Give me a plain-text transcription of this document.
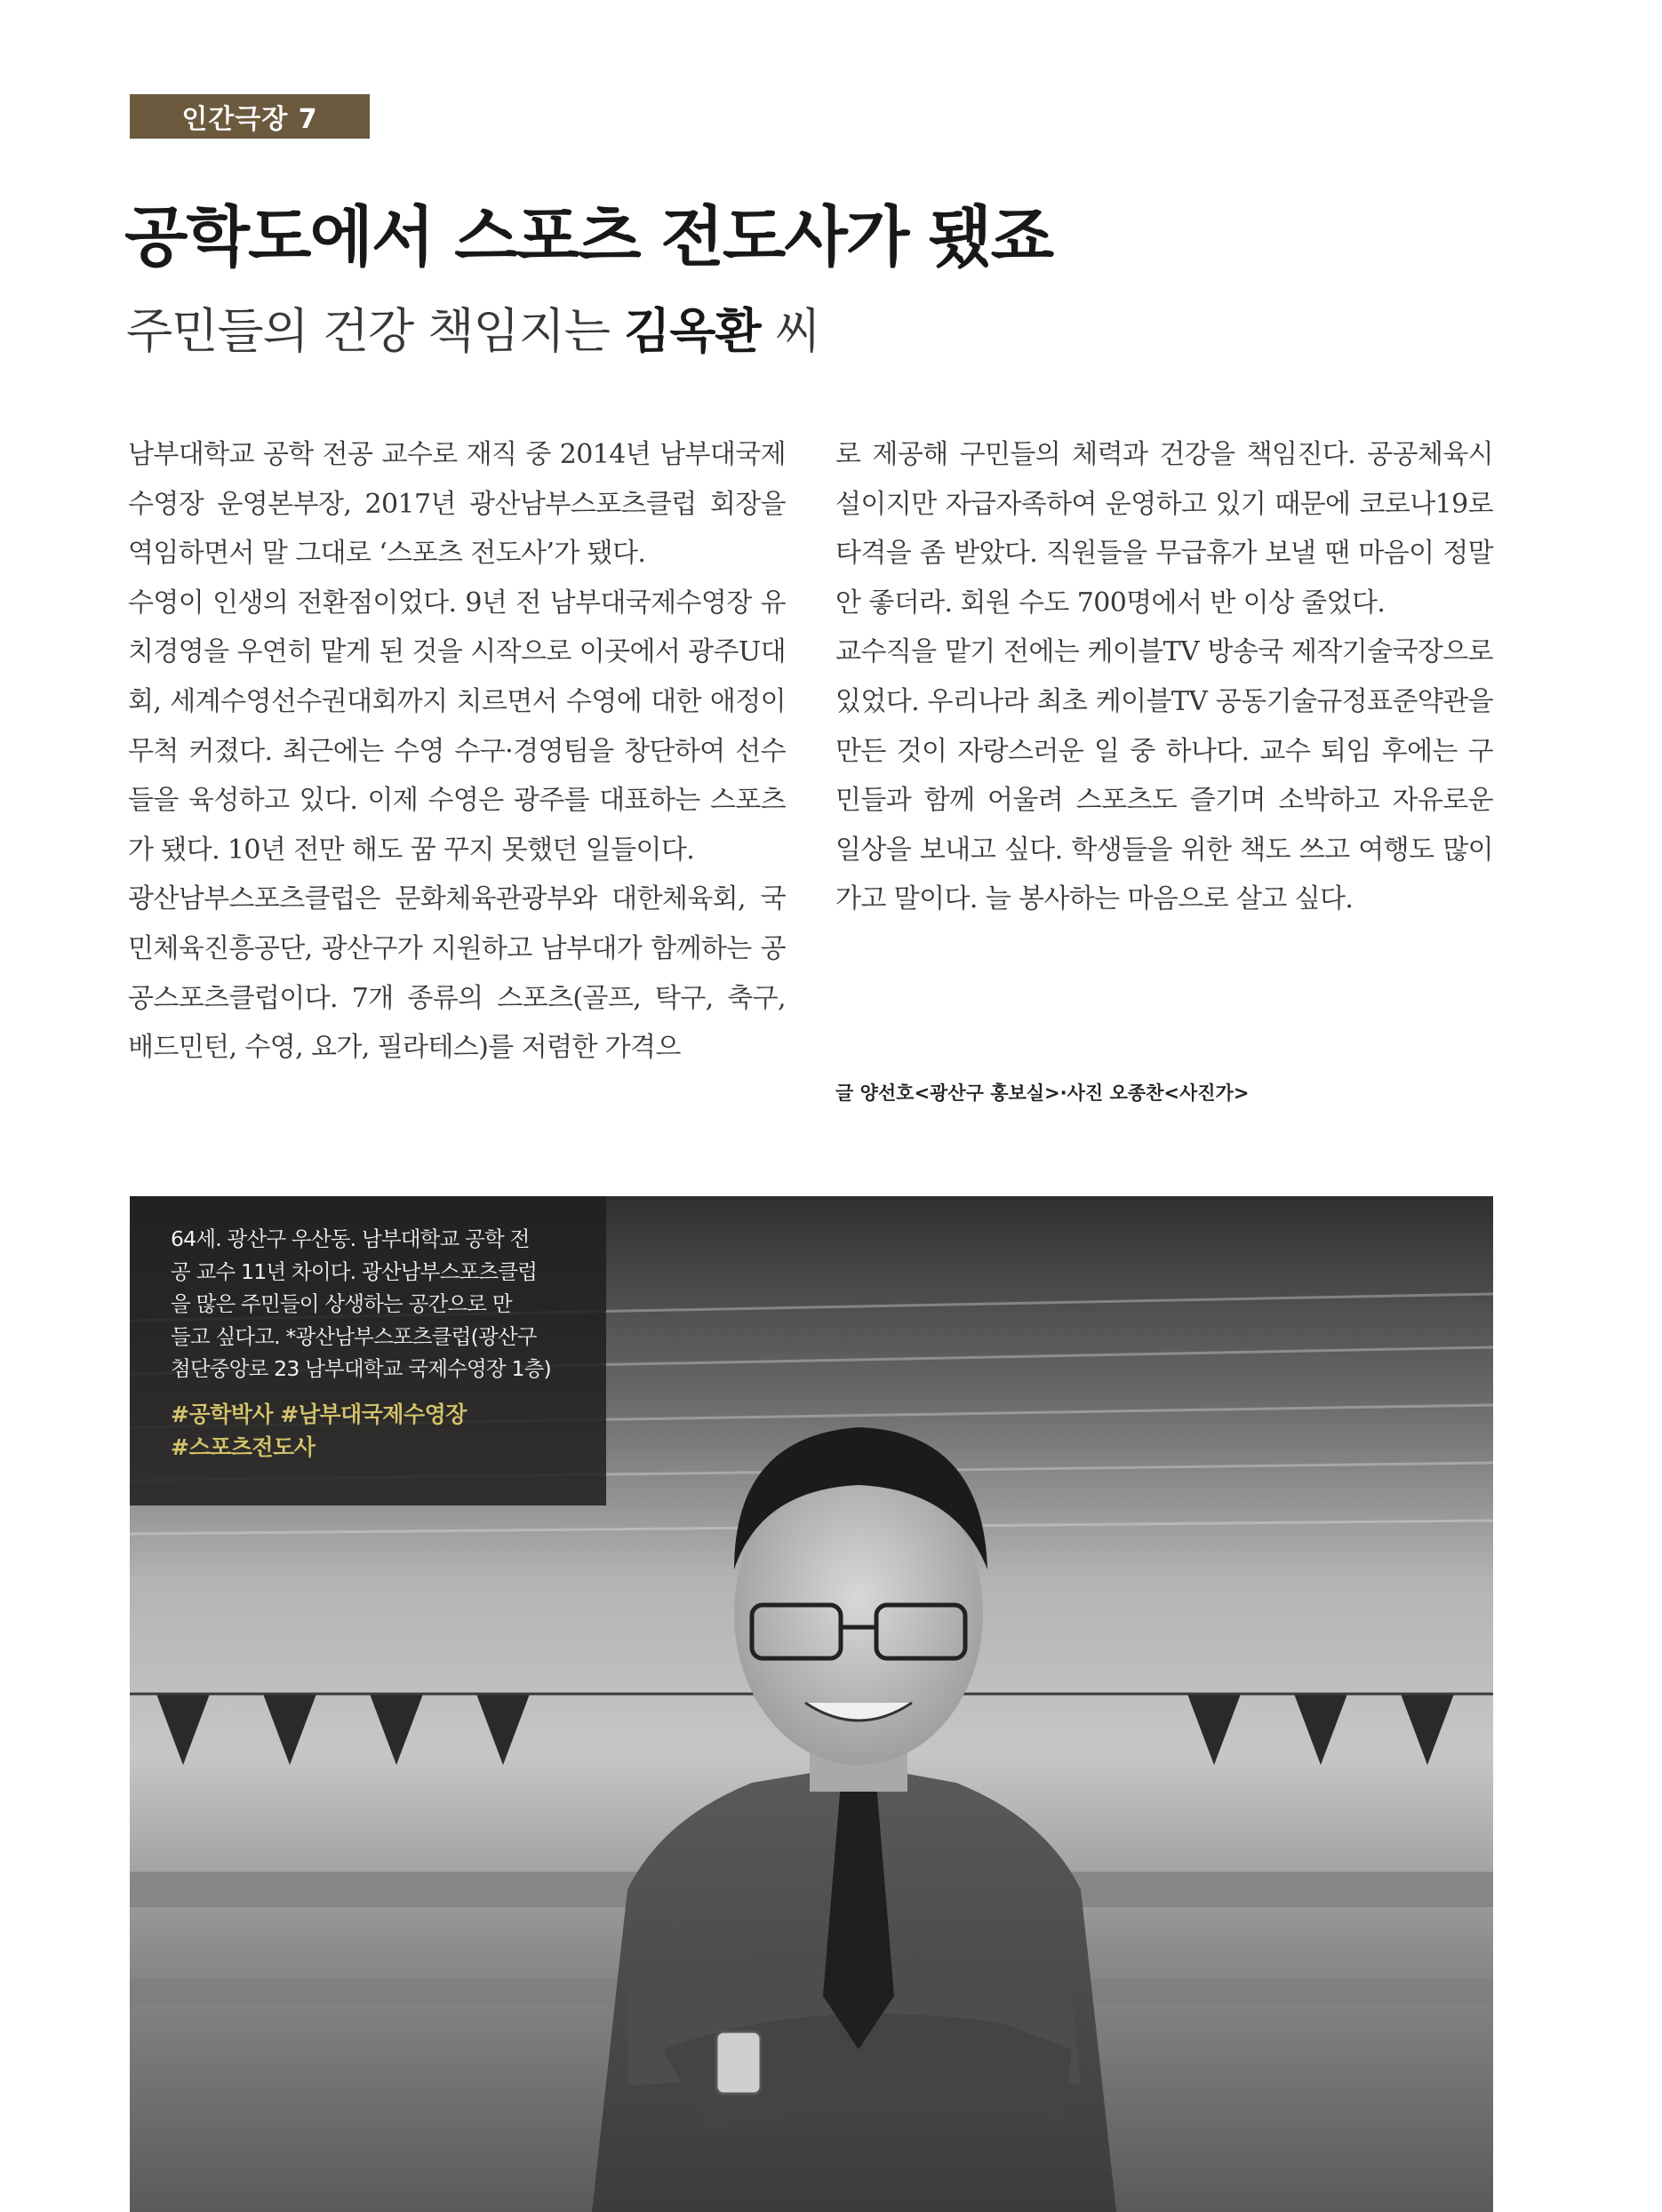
인간극장 7
공학도에서 스포츠 전도사가 됐죠
주민들의 건강 책임지는 김옥환 씨

남부대학교 공학 전공 교수로 재직 중 2014년 남부대국제수영장 운영본부장, 2017년 광산남부스포츠클럽 회장을 역임하면서 말 그대로 ‘스포츠 전도사’가 됐다.

수영이 인생의 전환점이었다. 9년 전 남부대국제수영장 유치경영을 우연히 맡게 된 것을 시작으로 이곳에서 광주U대회, 세계수영선수권대회까지 치르면서 수영에 대한 애정이 무척 커졌다. 최근에는 수영 수구·경영팀을 창단하여 선수들을 육성하고 있다. 이제 수영은 광주를 대표하는 스포츠가 됐다. 10년 전만 해도 꿈 꾸지 못했던 일들이다.

광산남부스포츠클럽은 문화체육관광부와 대한체육회, 국민체육진흥공단, 광산구가 지원하고 남부대가 함께하는 공공스포츠클럽이다. 7개 종류의 스포츠(골프, 탁구, 축구, 배드민턴, 수영, 요가, 필라테스)를 저렴한 가격으

로 제공해 구민들의 체력과 건강을 책임진다. 공공체육시설이지만 자급자족하여 운영하고 있기 때문에 코로나19로 타격을 좀 받았다. 직원들을 무급휴가 보낼 땐 마음이 정말 안 좋더라. 회원 수도 700명에서 반 이상 줄었다.

교수직을 맡기 전에는 케이블TV 방송국 제작기술국장으로 있었다. 우리나라 최초 케이블TV 공동기술규정표준약관을 만든 것이 자랑스러운 일 중 하나다. 교수 퇴임 후에는 구민들과 함께 어울려 스포츠도 즐기며 소박하고 자유로운 일상을 보내고 싶다. 학생들을 위한 책도 쓰고 여행도 많이 가고 말이다. 늘 봉사하는 마음으로 살고 싶다.

글 양선호<광산구 홍보실>·사진 오종찬<사진가>

64세. 광산구 우산동. 남부대학교 공학 전

공 교수 11년 차이다. 광산남부스포츠클럽

을 많은 주민들이 상생하는 공간으로 만

들고 싶다고. *광산남부스포츠클럽(광산구

첨단중앙로 23 남부대학교 국제수영장 1층)

#공학박사 #남부대국제수영장

#스포츠전도사
